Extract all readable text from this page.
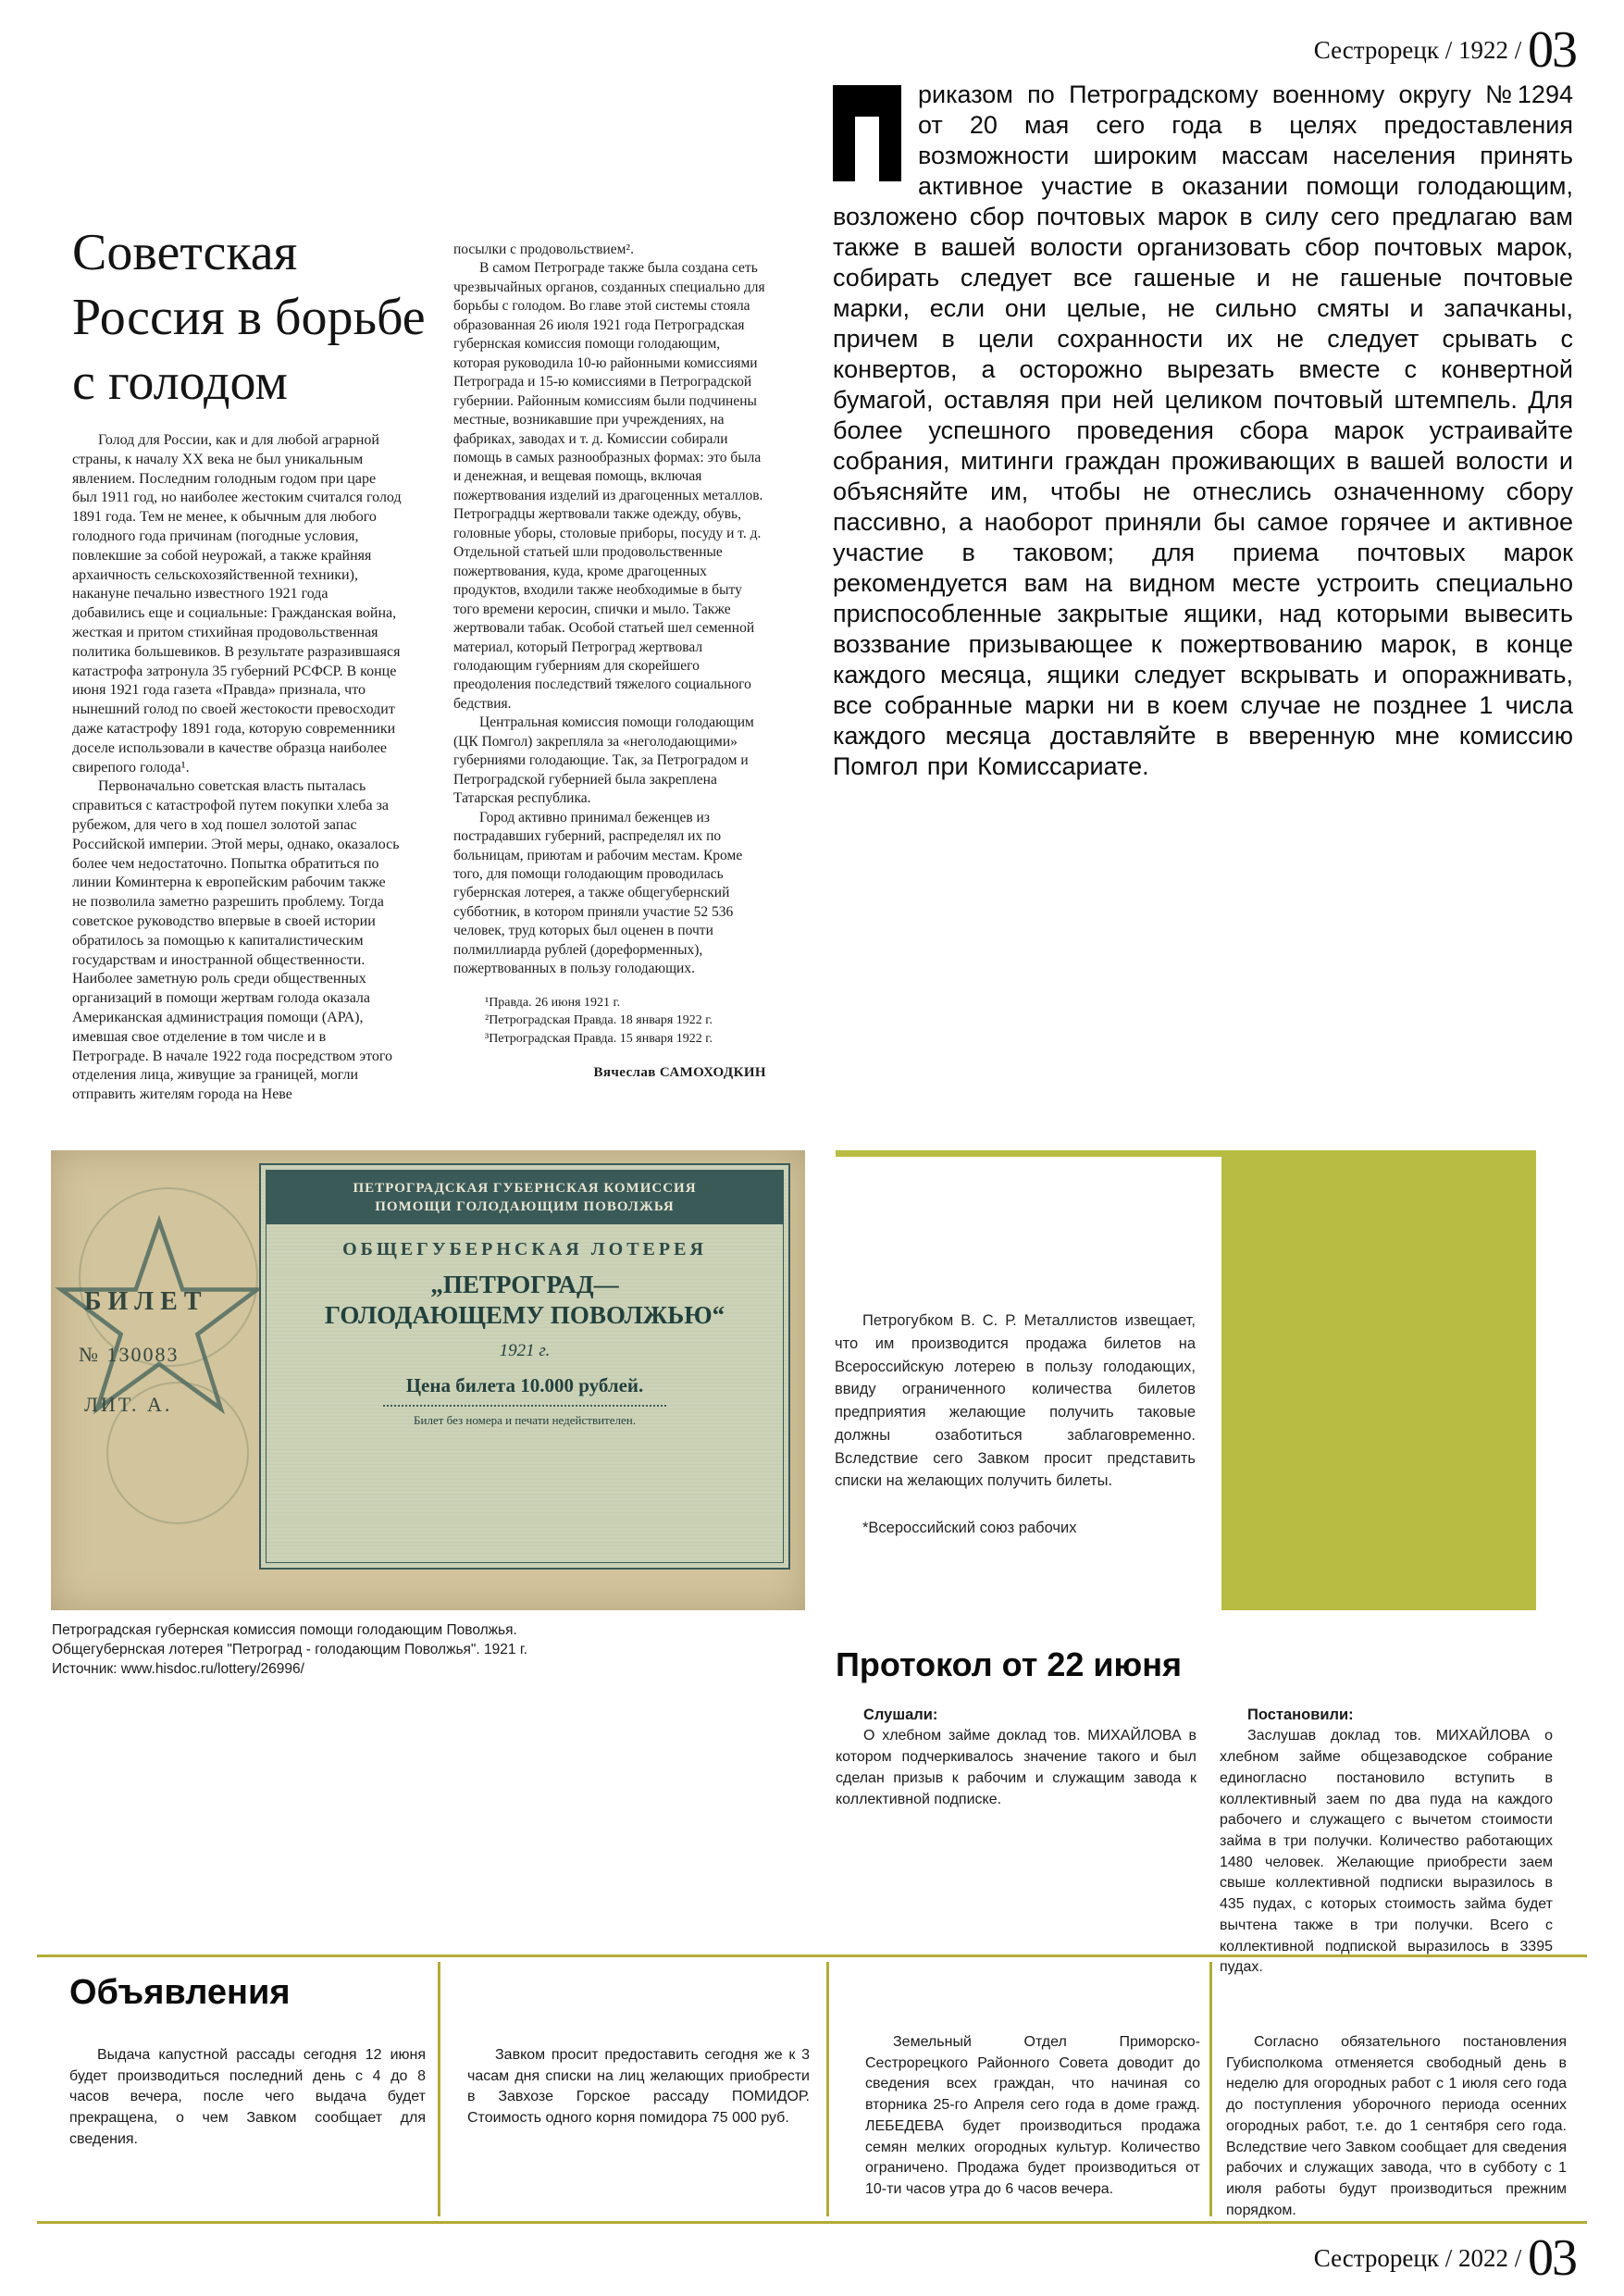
Сестрорецк / 1922 / 03
Советская
Россия в борьбе
с голодом

Голод для России, как и для любой аграрной страны, к началу XX века не был уникальным явлением. Последним голодным годом при царе был 1911 год, но наиболее жестоким считался голод 1891 года. Тем не менее, к обычным для любого голодного года причинам (погодные условия, повлекшие за собой неурожай, а также крайняя архаичность сельскохозяйственной техники), накануне печально известного 1921 года добавились еще и социальные: Гражданская война, жесткая и притом стихийная продовольственная политика большевиков. В результате разразившаяся катастрофа затронула 35 губерний РСФСР. В конце июня 1921 года газета «Правда» признала, что нынешний голод по своей жестокости превосходит даже катастрофу 1891 года, которую современники доселе использовали в качестве образца наиболее свирепого голода¹.

Первоначально советская власть пыталась справиться с катастрофой путем покупки хлеба за рубежом, для чего в ход пошел золотой запас Российской империи. Этой меры, однако, оказалось более чем недостаточно. Попытка обратиться по линии Коминтерна к европейским рабочим также не позволила заметно разрешить проблему. Тогда советское руководство впервые в своей истории обратилось за помощью к капиталистическим государствам и иностранной общественности. Наиболее заметную роль среди общественных организаций в помощи жертвам голода оказала Американская администрация помощи (АРА), имевшая свое отделение в том числе и в Петрограде. В начале 1922 года посредством этого отделения лица, живущие за границей, могли отправить жителям города на Неве

посылки с продовольствием².

В самом Петрограде также была создана сеть чрезвычайных органов, созданных специально для борьбы с голодом. Во главе этой системы стояла образованная 26 июля 1921 года Петроградская губернская комиссия помощи голодающим, которая руководила 10-ю районными комиссиями Петрограда и 15-ю комиссиями в Петроградской губернии. Районным комиссиям были подчинены местные, возникавшие при учреждениях, на фабриках, заводах и т. д. Комиссии собирали помощь в самых разнообразных формах: это была и денежная, и вещевая помощь, включая пожертвования изделий из драгоценных металлов. Петроградцы жертвовали также одежду, обувь, головные уборы, столовые приборы, посуду и т. д. Отдельной статьей шли продовольственные пожертвования, куда, кроме драгоценных продуктов, входили также необходимые в быту того времени керосин, спички и мыло. Также жертвовали табак. Особой статьей шел семенной материал, который Петроград жертвовал голодающим губерниям для скорейшего преодоления последствий тяжелого социального бедствия.

Центральная комиссия помощи голодающим (ЦК Помгол) закрепляла за «неголодающими» губерниями голодающие. Так, за Петроградом и Петроградской губернией была закреплена Татарская республика.

Город активно принимал беженцев из пострадавших губерний, распределял их по больницам, приютам и рабочим местам. Кроме того, для помощи голодающим проводилась губернская лотерея, а также общегубернский субботник, в котором приняли участие 52 536 человек, труд которых был оценен в почти полмиллиарда рублей (дореформенных), пожертвованных в пользу голодающих.

¹Правда. 26 июня 1921 г.
²Петроградская Правда. 18 января 1922 г.
³Петроградская Правда. 15 января 1922 г.
Вячеслав САМОХОДКИН
риказом по Петроградскому военному округу №1294 от 20 мая сего года в целях предоставления возможности широким массам населения принять активное участие в оказании помощи голодающим, возложено сбор почтовых марок в силу сего предлагаю вам также в вашей волости организовать сбор почтовых марок, собирать следует все гашеные и не гашеные почтовые марки, если они целые, не сильно смяты и запачканы, причем в цели сохранности их не следует срывать с конвертов, а осторожно вырезать вместе с конвертной бумагой, оставляя при ней целиком почтовый штемпель. Для более успешного проведения сбора марок устраивайте собрания, митинги граждан проживающих в вашей волости и объясняйте им, чтобы не отнеслись означенному сбору пассивно, а наоборот приняли бы самое горячее и активное участие в таковом; для приема почтовых марок рекомендуется вам на видном месте устроить специально приспособленные закрытые ящики, над которыми вывесить воззвание призывающее к пожертвованию марок, в конце каждого месяца, ящики следует вскрывать и опоражнивать, все собранные марки ни в коем случае не позднее 1 числа каждого месяца доставляйте в вверенную мне комиссию Помгол при Комиссариате.
БИЛЕТ
№ 130083
ЛИТ. А.
ПЕТРОГРАДСКАЯ ГУБЕРНСКАЯ КОМИССИЯ
ПОМОЩИ ГОЛОДАЮЩИМ ПОВОЛЖЬЯ
ОБЩЕГУБЕРНСКАЯ ЛОТЕРЕЯ
„ПЕТРОГРАД—
ГОЛОДАЮЩЕМУ ПОВОЛЖЬЮ“
1921 г.
Цена билета 10.000 рублей.
Билет без номера и печати недействителен.
Петроградская губернская комиссия помощи голодающим Поволжья.
Общегубернская лотерея "Петроград - голодающим Поволжья". 1921 г.
Источник: www.hisdoc.ru/lottery/26996/

Петрогубком В. С. Р. Металлистов извещает, что им производится продажа билетов на Всероссийскую лотерею в пользу голодающих, ввиду ограниченного количества билетов предприятия желающие получить таковые должны озаботиться заблаговременно. Вследствие сего Завком просит представить списки на желающих получить билеты.

*Всероссийский союз рабочих

Протокол от 22 июня
Слушали:

О хлебном займе доклад тов. МИХАЙЛОВА в котором подчеркивалось значение такого и был сделан призыв к рабочим и служащим завода к коллективной подписке.

Постановили:

Заслушав доклад тов. МИХАЙЛОВА о хлебном займе общезаводское собрание единогласно постановило вступить в коллективный заем по два пуда на каждого рабочего и служащего с вычетом стоимости займа в три получки. Количество работающих 1480 человек. Желающие приобрести заем свыше коллективной подписки выразилось в 435 пудах, с которых стоимость займа будет вычтена также в три получки. Всего с коллективной подпиской выразилось в 3395 пудах.

Объявления

Выдача капустной рассады сегодня 12 июня будет производиться последний день с 4 до 8 часов вечера, после чего выдача будет прекращена, о чем Завком сообщает для сведения.

Завком просит предоставить сегодня же к 3 часам дня списки на лиц желающих приобрести в Завхозе Горское рассаду ПОМИДОР. Стоимость одного корня помидора 75 000 руб.

Земельный Отдел Приморско-Сестрорецкого Районного Совета доводит до сведения всех граждан, что начиная со вторника 25-го Апреля сего года в доме гражд. ЛЕБЕДЕВА будет производиться продажа семян мелких огородных культур. Количество ограничено. Продажа будет производиться от 10-ти часов утра до 6 часов вечера.

Согласно обязательного постановления Губисполкома отменяется свободный день в неделю для огородных работ с 1 июля сего года до поступления уборочного периода осенних огородных работ, т.е. до 1 сентября сего года. Вследствие чего Завком сообщает для сведения рабочих и служащих завода, что в субботу с 1 июля работы будут производиться прежним порядком.

Сестрорецк / 2022 / 03
